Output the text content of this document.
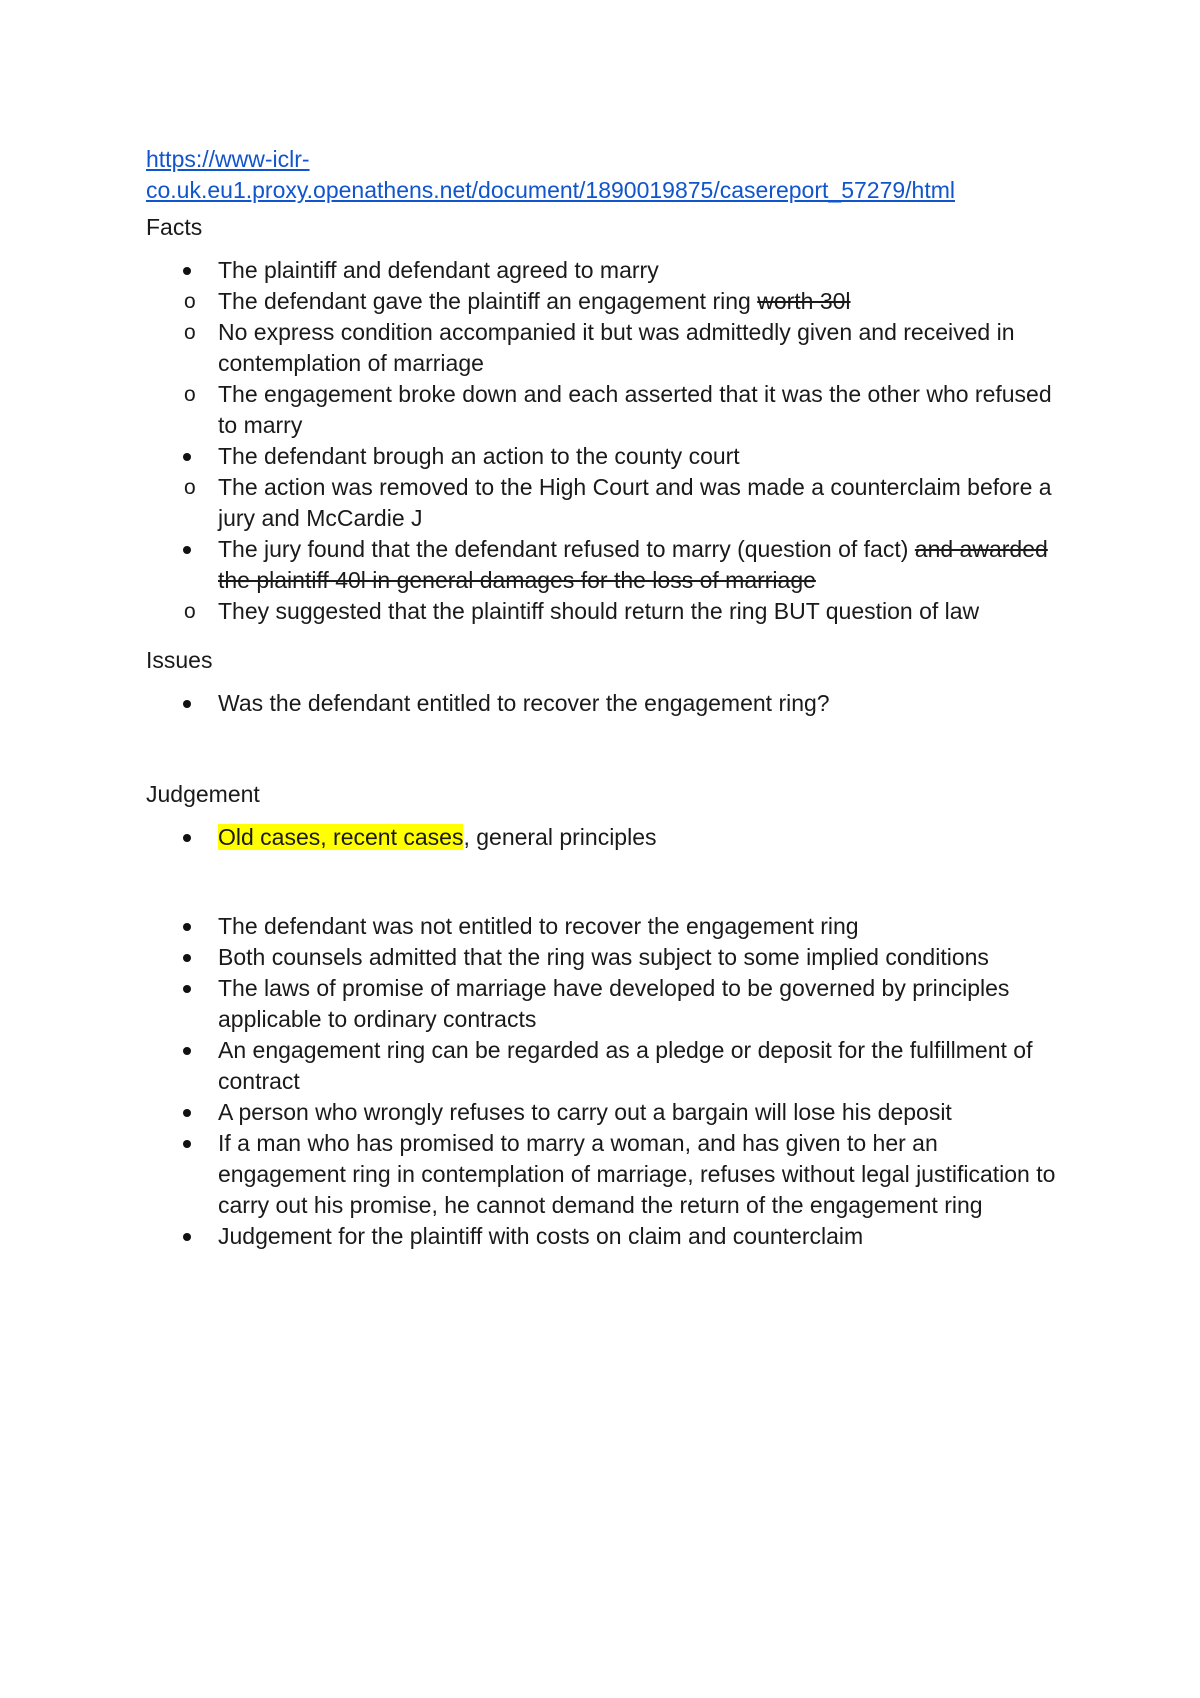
https://www-iclr-
co.uk.eu1.proxy.openathens.net/document/1890019875/casereport_57279/html
Facts
The plaintiff and defendant agreed to marry
o The defendant gave the plaintiff an engagement ring worth 30l
o No express condition accompanied it but was admittedly given and received in contemplation of marriage
o The engagement broke down and each asserted that it was the other who refused to marry
The defendant brough an action to the county court
o The action was removed to the High Court and was made a counterclaim before a jury and McCardie J
The jury found that the defendant refused to marry (question of fact) and awarded the plaintiff 40l in general damages for the loss of marriage
o They suggested that the plaintiff should return the ring BUT question of law
Issues
Was the defendant entitled to recover the engagement ring?
Judgement
Old cases, recent cases, general principles
The defendant was not entitled to recover the engagement ring
Both counsels admitted that the ring was subject to some implied conditions
The laws of promise of marriage have developed to be governed by principles applicable to ordinary contracts
An engagement ring can be regarded as a pledge or deposit for the fulfillment of contract
A person who wrongly refuses to carry out a bargain will lose his deposit
If a man who has promised to marry a woman, and has given to her an engagement ring in contemplation of marriage, refuses without legal justification to carry out his promise, he cannot demand the return of the engagement ring
Judgement for the plaintiff with costs on claim and counterclaim
